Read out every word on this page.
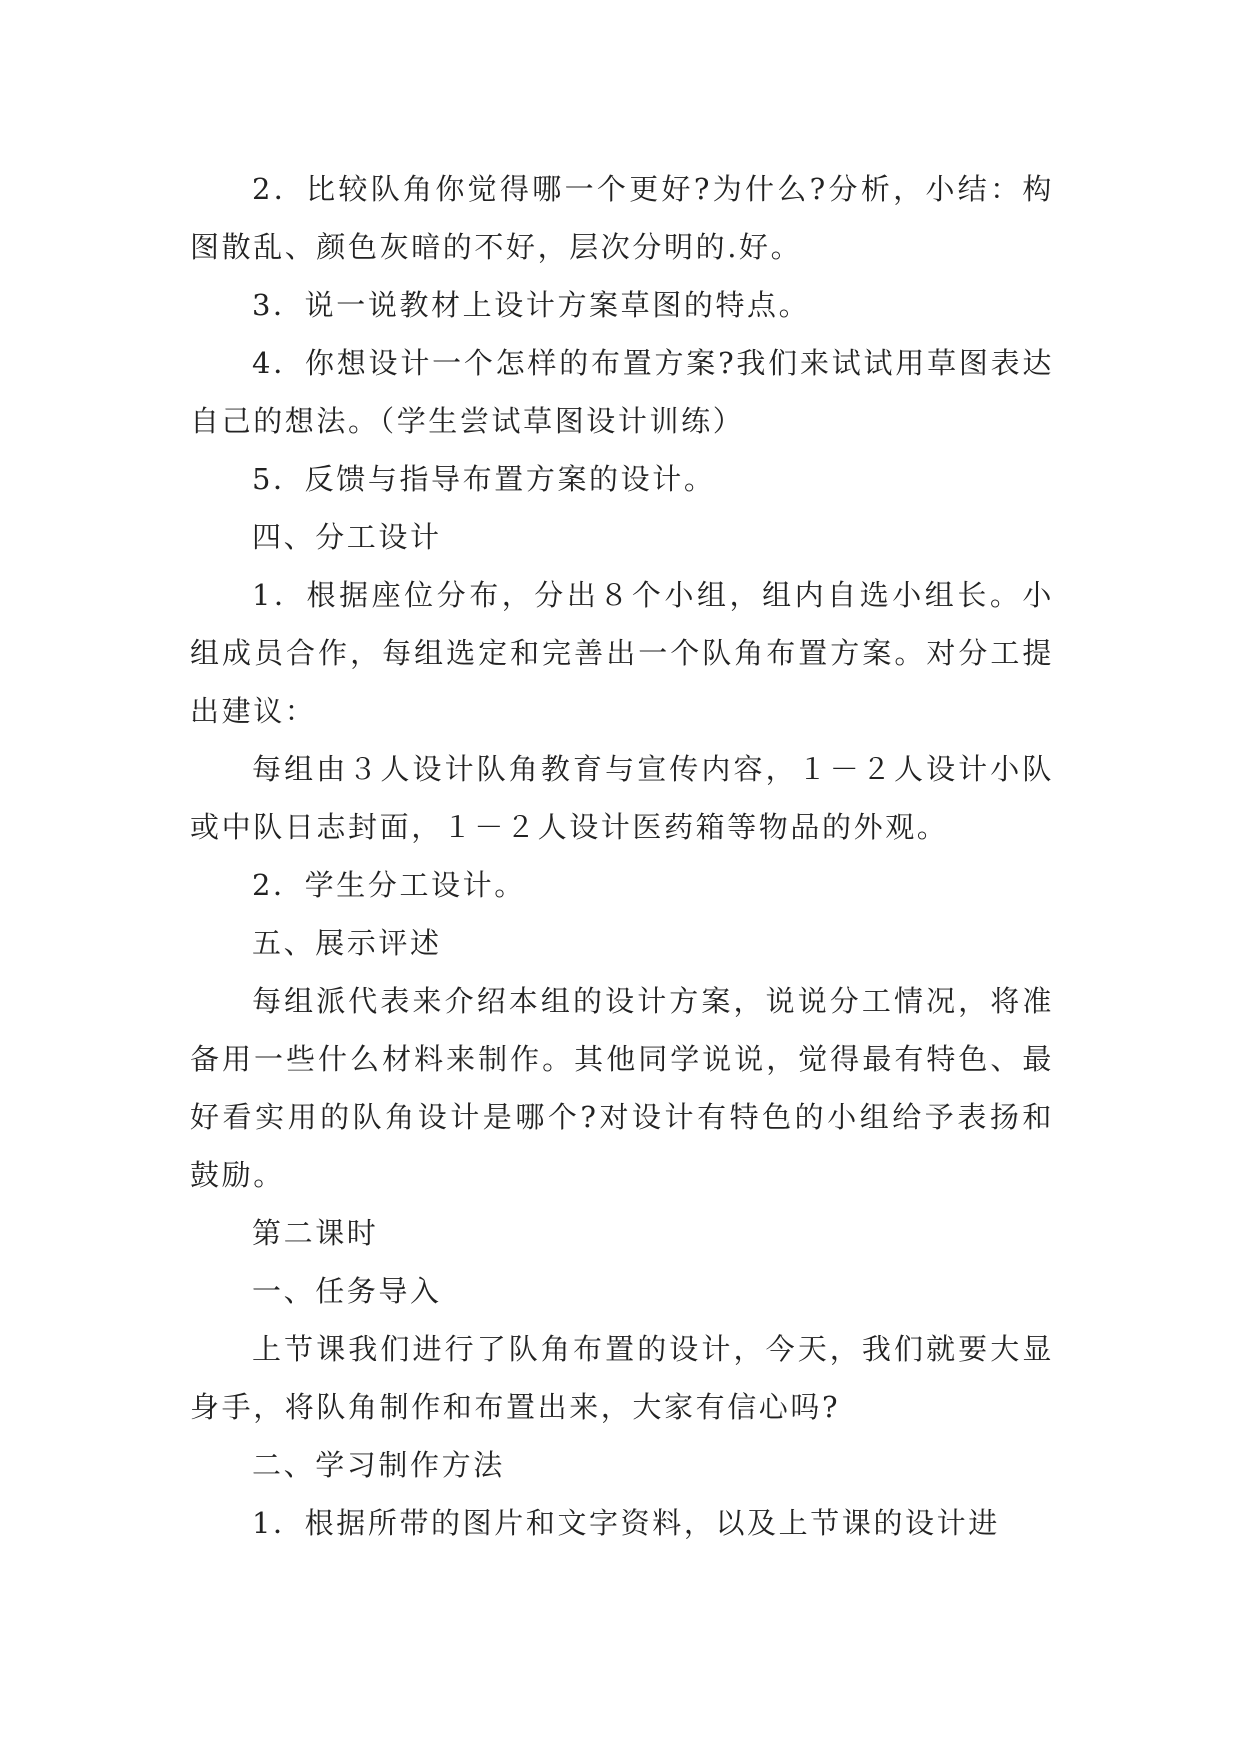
2．比较队角你觉得哪一个更好?为什么?分析，小结：构图散乱、颜色灰暗的不好，层次分明的.好。

3．说一说教材上设计方案草图的特点。

4．你想设计一个怎样的布置方案?我们来试试用草图表达自己的想法。（学生尝试草图设计训练）

5．反馈与指导布置方案的设计。

四、分工设计

1．根据座位分布，分出８个小组，组内自选小组长。小组成员合作，每组选定和完善出一个队角布置方案。对分工提出建议：

每组由３人设计队角教育与宣传内容，１－２人设计小队或中队日志封面，１－２人设计医药箱等物品的外观。

2．学生分工设计。

五、展示评述

每组派代表来介绍本组的设计方案，说说分工情况，将准备用一些什么材料来制作。其他同学说说，觉得最有特色、最好看实用的队角设计是哪个?对设计有特色的小组给予表扬和鼓励。

第二课时

一、任务导入

上节课我们进行了队角布置的设计，今天，我们就要大显身手，将队角制作和布置出来，大家有信心吗?

二、学习制作方法

1．根据所带的图片和文字资料，以及上节课的设计进
